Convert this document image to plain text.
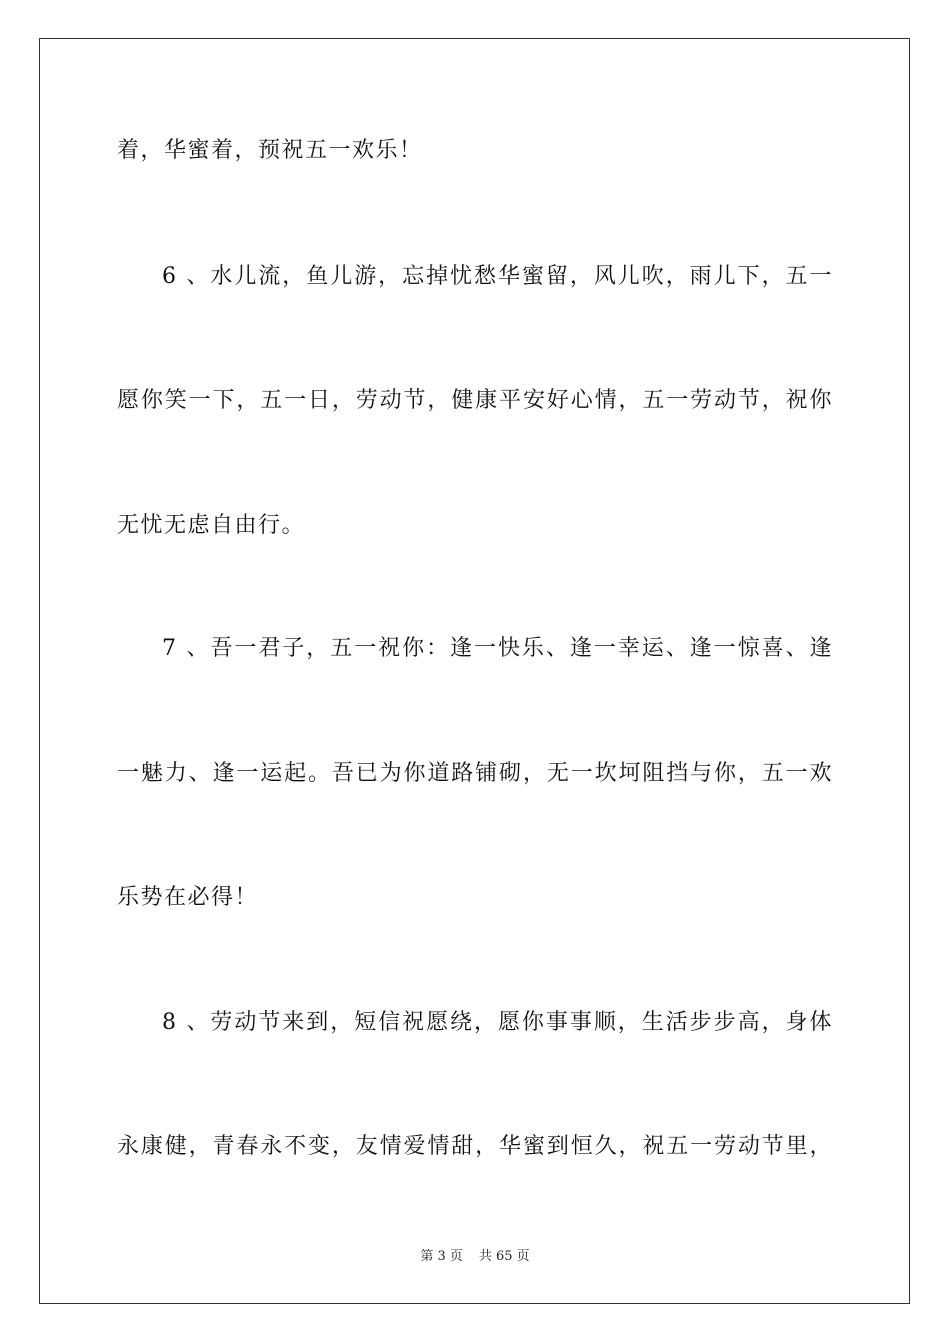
着，华蜜着，预祝五一欢乐！
6 、水儿流，鱼儿游，忘掉忧愁华蜜留，风儿吹，雨儿下，五一
愿你笑一下，五一日，劳动节，健康平安好心情，五一劳动节，祝你
无忧无虑自由行。
7 、吾一君子，五一祝你：逢一快乐、逢一幸运、逢一惊喜、逢
一魅力、逢一运起。吾已为你道路铺砌，无一坎坷阻挡与你，五一欢
乐势在必得！
8 、劳动节来到，短信祝愿绕，愿你事事顺，生活步步高，身体
永康健，青春永不变，友情爱情甜，华蜜到恒久，祝五一劳动节里，
第 3 页 共 65 页
